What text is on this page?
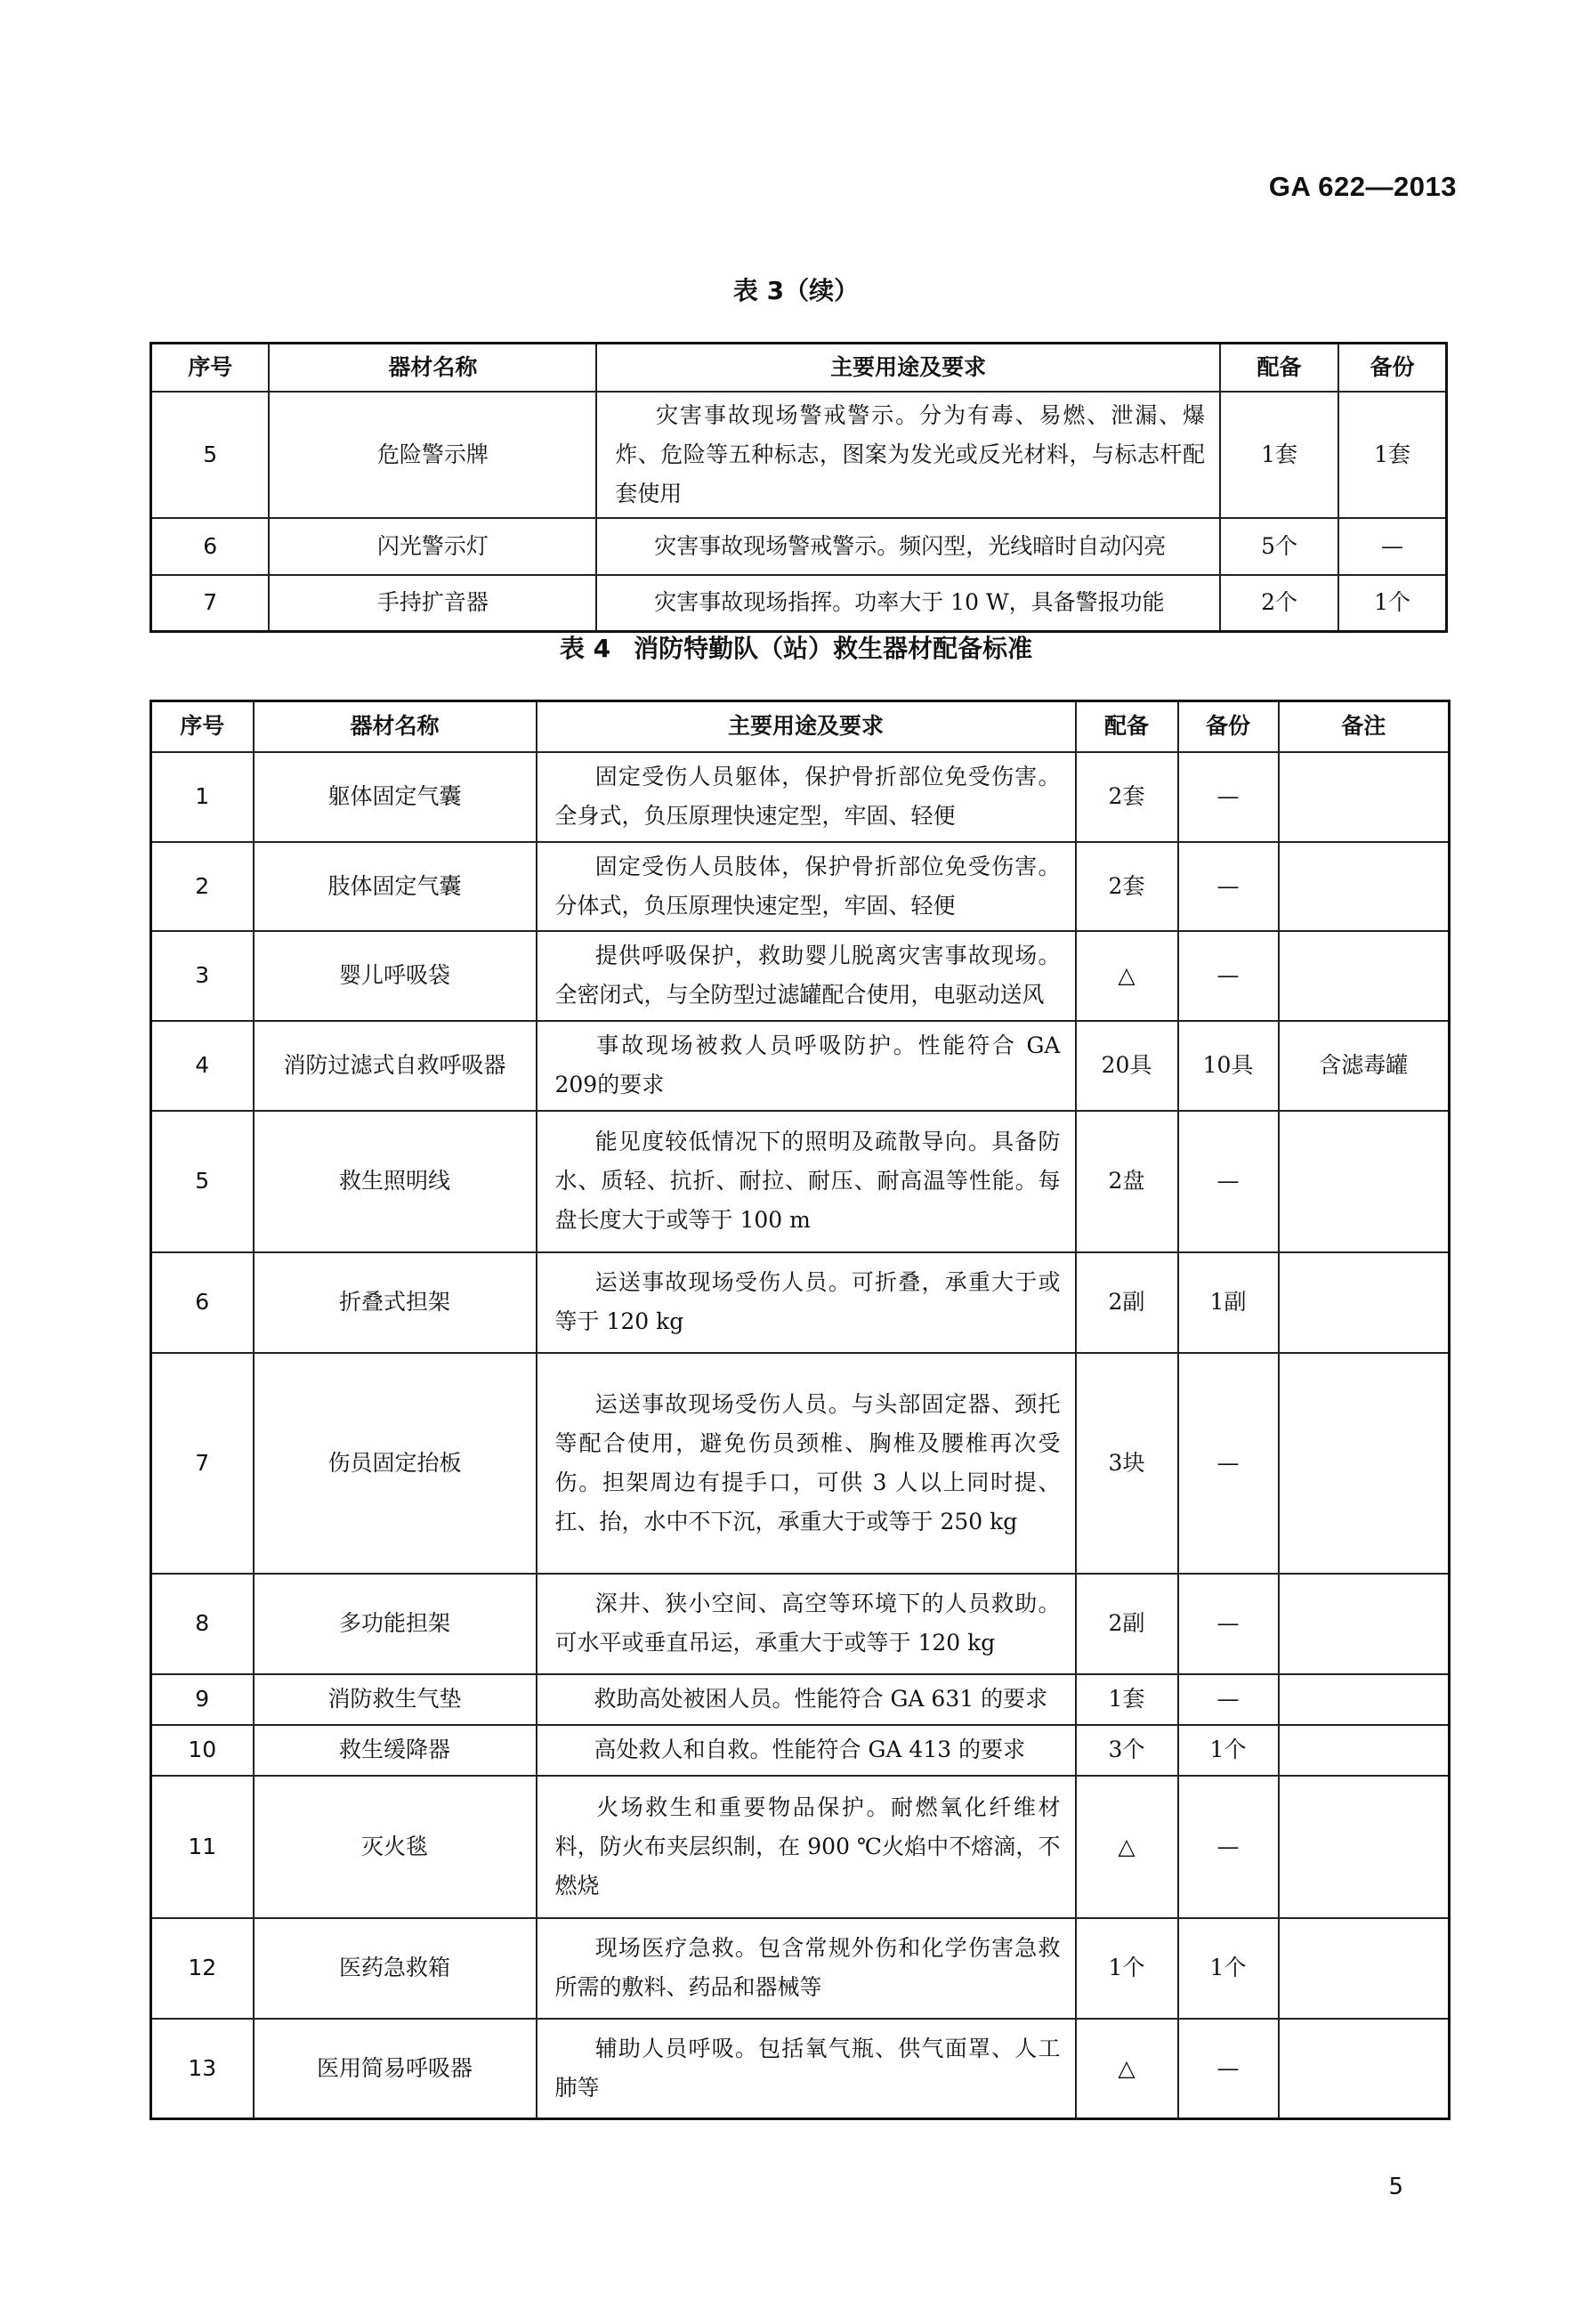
GA 622—2013
表 3（续）
序号	器材名称	主要用途及要求	配备	备份
5	危险警示牌	灾害事故现场警戒警示。分为有毒、易燃、泄漏、爆炸、危险等五种标志，图案为发光或反光材料，与标志杆配套使用	1套	1套
6	闪光警示灯	灾害事故现场警戒警示。频闪型，光线暗时自动闪亮	5个	—
7	手持扩音器	灾害事故现场指挥。功率大于 10 W，具备警报功能	2个	1个
表 4 消防特勤队（站）救生器材配备标准
序号	器材名称	主要用途及要求	配备	备份	备注
1	躯体固定气囊	固定受伤人员躯体，保护骨折部位免受伤害。全身式，负压原理快速定型，牢固、轻便	2套	—	
2	肢体固定气囊	固定受伤人员肢体，保护骨折部位免受伤害。分体式，负压原理快速定型，牢固、轻便	2套	—	
3	婴儿呼吸袋	提供呼吸保护，救助婴儿脱离灾害事故现场。全密闭式，与全防型过滤罐配合使用，电驱动送风	△	—	
4	消防过滤式自救呼吸器	事故现场被救人员呼吸防护。性能符合 GA 209的要求	20具	10具	含滤毒罐
5	救生照明线	能见度较低情况下的照明及疏散导向。具备防水、质轻、抗折、耐拉、耐压、耐高温等性能。每盘长度大于或等于 100 m	2盘	—	
6	折叠式担架	运送事故现场受伤人员。可折叠，承重大于或等于 120 kg	2副	1副	
7	伤员固定抬板	运送事故现场受伤人员。与头部固定器、颈托等配合使用，避免伤员颈椎、胸椎及腰椎再次受伤。担架周边有提手口，可供 3 人以上同时提、扛、抬，水中不下沉，承重大于或等于 250 kg	3块	—	
8	多功能担架	深井、狭小空间、高空等环境下的人员救助。可水平或垂直吊运，承重大于或等于 120 kg	2副	—	
9	消防救生气垫	救助高处被困人员。性能符合 GA 631 的要求	1套	—	
10	救生缓降器	高处救人和自救。性能符合 GA 413 的要求	3个	1个	
11	灭火毯	火场救生和重要物品保护。耐燃氧化纤维材料，防火布夹层织制，在 900 ℃火焰中不熔滴，不燃烧	△	—	
12	医药急救箱	现场医疗急救。包含常规外伤和化学伤害急救所需的敷料、药品和器械等	1个	1个	
13	医用简易呼吸器	辅助人员呼吸。包括氧气瓶、供气面罩、人工肺等	△	—	
5
